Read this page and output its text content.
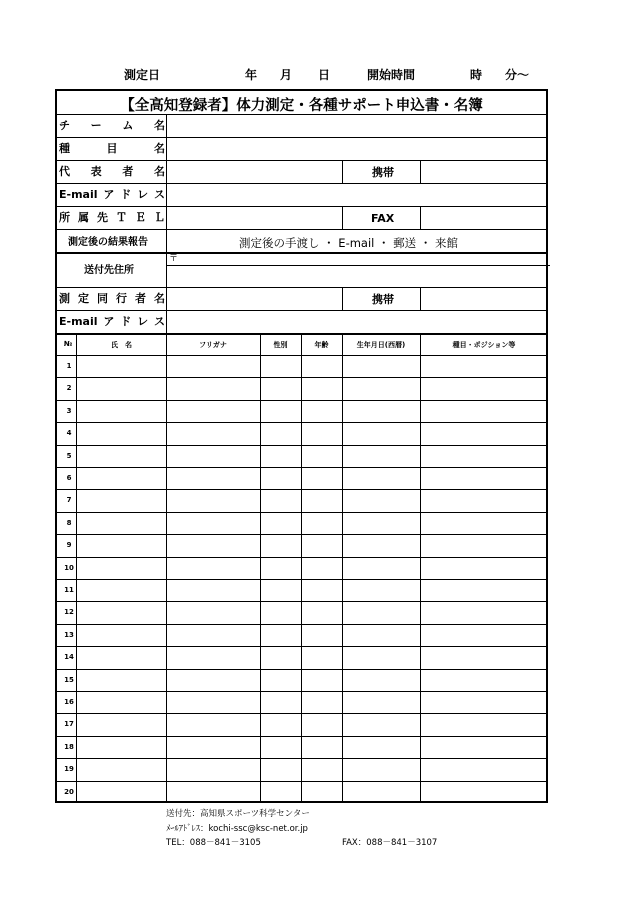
測定日	年 月 日	開始時間	時 分～
【全高知登録者】体力測定・各種サポート申込書・名簿
チ ー ム 名
種	目	名
代 表 者 名	携帯
E-mail ア ド レ ス
所 属 先 Ｔ Ｅ Ｌ	FAX
測定後の結果報告	測定後の手渡し ・ E-mail ・ 郵送 ・ 来館
送付先住所
〒
測 定 同 行 者 名	携帯
E-mail ア ド レ ス
№	氏　名	フリガナ	性別	年齢	生年月日(西暦)	種目・ポジション等
1
2
3
4
5
6
7
8
9
10
11
12
13
14
15
16
17
18
19
20
送付先：高知県スポーツ科学センター
ﾒｰﾙｱﾄﾞﾚｽ：kochi-ssc@ksc-net.or.jp
TEL：088－841－3105	FAX：088－841－3107
